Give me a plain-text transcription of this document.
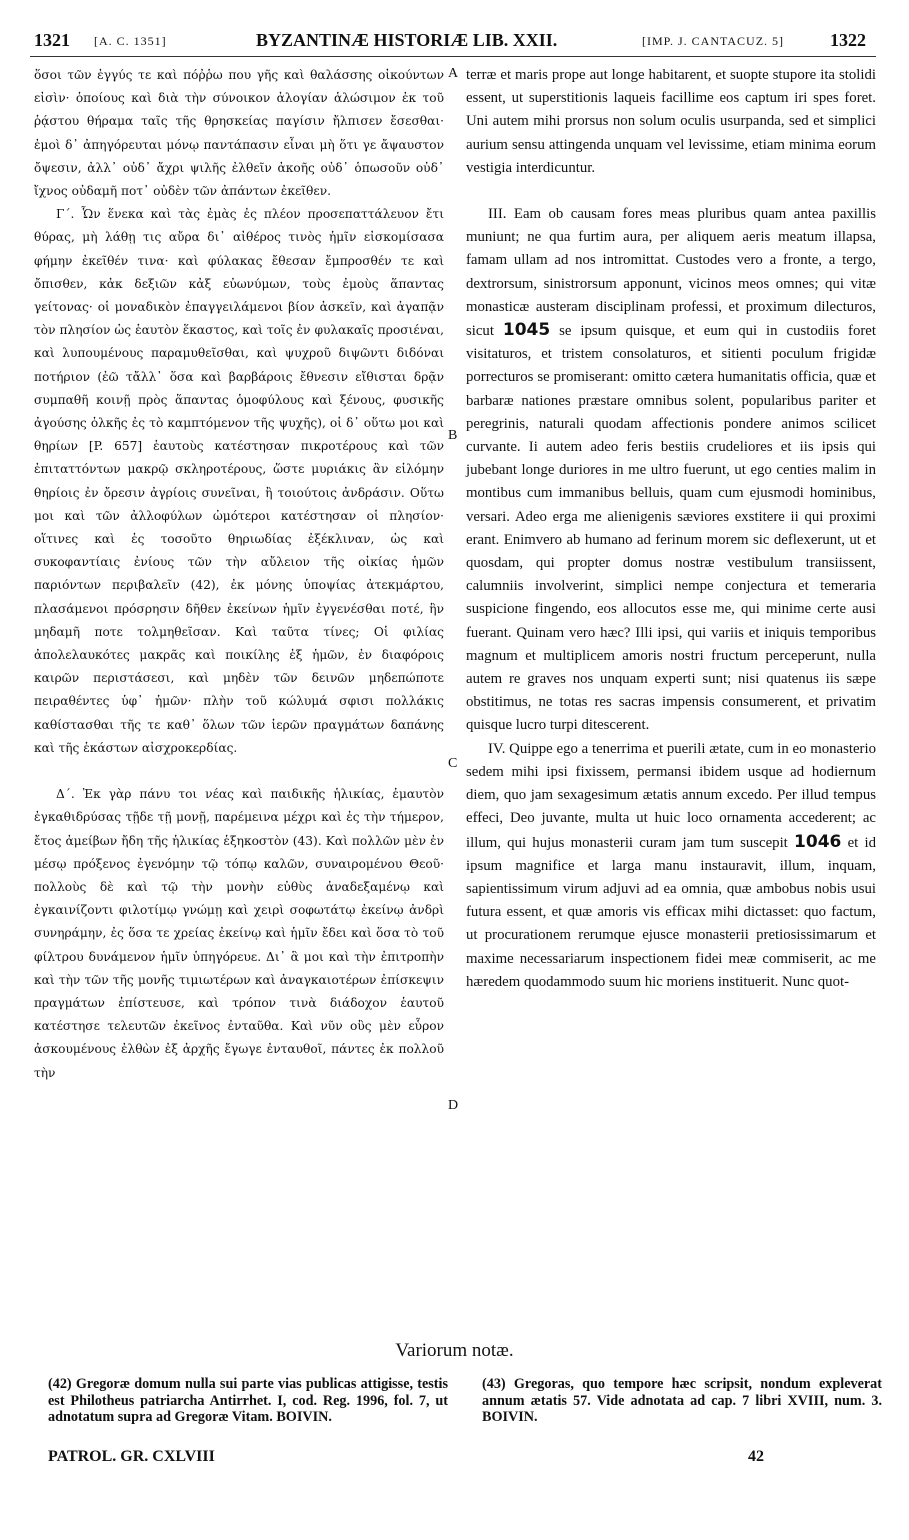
1321 [A. C. 1351]	BYZANTINÆ HISTORIÆ LIB. XXII.	[IMP. J. CANTACUZ. 5]	1322

ὅσοι τῶν ἐγγύς τε καὶ πόῤῥω που γῆς καὶ θαλάσσης οἰκούντων εἰσὶν· ὁποίους καὶ διὰ τὴν σύνοικον ἀλογίαν ἁλώσιμον ἐκ τοῦ ῥᾴστου θήραμα ταῖς τῆς θρησκείας παγίσιν ἤλπισεν ἔσεσθαι· ἐμοὶ δ᾽ ἀπηγόρευται μόνῳ παντάπασιν εἶναι μὴ ὅτι γε ἄψαυστον ὄψεσιν, ἀλλ᾽ οὐδ᾽ ἄχρι ψιλῆς ἐλθεῖν ἀκοῆς οὐδ᾽ ὁπωσοῦν οὐδ᾽ ἴχνος οὐδαμῆ ποτ᾽ οὐδὲν τῶν ἀπάντων ἐκεῖθεν.

Γ΄. Ὧν ἕνεκα καὶ τὰς ἐμὰς ἐς πλέον προσεπαττάλευον ἔτι θύρας, μὴ λάθῃ τις αὔρα δι᾽ αἰθέρος τινὸς ἡμῖν εἰσκομίσασα φήμην ἐκεῖθέν τινα· καὶ φύλακας ἔθεσαν ἔμπροσθέν τε καὶ ὄπισθεν, κἀκ δεξιῶν κἀξ εὐωνύμων, τοὺς ἐμοὺς ἅπαντας γείτονας· οἱ μοναδικὸν ἐπαγγειλάμενοι βίον ἀσκεῖν, καὶ ἀγαπᾷν τὸν πλησίον ὡς ἑαυτὸν ἕκαστος, καὶ τοῖς ἐν φυλακαῖς προσιέναι, καὶ λυπουμένους παραμυθεῖσθαι, καὶ ψυχροῦ διψῶντι διδόναι ποτήριον (ἐῶ τἄλλ᾽ ὅσα καὶ βαρβάροις ἔθνεσιν εἴθισται δρᾷν συμπαθῆ κοινῇ πρὸς ἅπαντας ὁμοφύλους καὶ ξένους, φυσικῆς ἀγούσης ὁλκῆς ἐς τὸ καμπτόμενον τῆς ψυχῆς), οἱ δ᾽ οὕτω μοι καὶ θηρίων [P. 657] ἑαυτοὺς κατέστησαν πικροτέρους καὶ τῶν ἐπιταττόντων μακρῷ σκληροτέρους, ὥστε μυριάκις ἂν εἱλόμην θηρίοις ἐν ὄρεσιν ἀγρίοις συνεῖναι, ἢ τοιούτοις ἀνδράσιν. Οὕτω μοι καὶ τῶν ἀλλοφύλων ὠμότεροι κατέστησαν οἱ πλησίον· οἵτινες καὶ ἐς τοσοῦτο θηριωδίας ἐξέκλιναν, ὡς καὶ συκοφαντίαις ἐνίους τῶν τὴν αὔλειον τῆς οἰκίας ἡμῶν παριόντων περιβαλεῖν (42), ἐκ μόνης ὑποψίας ἀτεκμάρτου, πλασάμενοι πρόσρησιν δῆθεν ἐκείνων ἡμῖν ἐγγενέσθαι ποτέ, ἣν μηδαμῆ ποτε τολμηθεῖσαν. Καὶ ταῦτα τίνες; Οἱ φιλίας ἀπολελαυκότες μακρᾶς καὶ ποικίλης ἐξ ἡμῶν, ἐν διαφόροις καιρῶν περιστάσεσι, καὶ μηδὲν τῶν δεινῶν μηδεπώποτε πειραθέντες ὑφ᾽ ἡμῶν· πλὴν τοῦ κώλυμά σφισι πολλάκις καθίστασθαι τῆς τε καθ᾽ ὅλων τῶν ἱερῶν πραγμάτων δαπάνης καὶ τῆς ἑκάστων αἰσχροκερδίας.

Δ΄. Ἐκ γὰρ πάνυ τοι νέας καὶ παιδικῆς ἡλικίας, ἐμαυτὸν ἐγκαθιδρύσας τῇδε τῇ μονῇ, παρέμεινα μέχρι καὶ ἐς τὴν τήμερον, ἔτος ἀμείβων ἤδη τῆς ἡλικίας ἑξηκοστὸν (43). Καὶ πολλῶν μὲν ἐν μέσῳ πρόξενος ἐγενόμην τῷ τόπῳ καλῶν, συναιρομένου Θεοῦ· πολλοὺς δὲ καὶ τῷ τὴν μονὴν εὐθὺς ἀναδεξαμένῳ καὶ ἐγκαινίζοντι φιλοτίμῳ γνώμῃ καὶ χειρὶ σοφωτάτῳ ἐκείνῳ ἀνδρὶ συνηράμην, ἐς ὅσα τε χρείας ἐκείνῳ καὶ ἡμῖν ἔδει καὶ ὅσα τὸ τοῦ φίλτρου δυνάμενον ἡμῖν ὑπηγόρευε. Δι᾽ ἃ μοι καὶ τὴν ἐπιτροπὴν καὶ τὴν τῶν τῆς μονῆς τιμιωτέρων καὶ ἀναγκαιοτέρων ἐπίσκεψιν πραγμάτων ἐπίστευσε, καὶ τρόπον τινὰ διάδοχον ἑαυτοῦ κατέστησε τελευτῶν ἐκεῖνος ἐνταῦθα. Καὶ νῦν οὓς μὲν εὗρον ἀσκουμένους ἐλθὼν ἐξ ἀρχῆς ἔγωγε ἐνταυθοῖ, πάντες ἐκ πολλοῦ τὴν

A
B
C
D

terræ et maris prope aut longe habitarent, et suopte stupore ita stolidi essent, ut superstitionis laqueis facillime eos captum iri spes foret. Uni autem mihi prorsus non solum oculis usurpanda, sed et simplici aurium sensu attingenda unquam vel levissime, etiam minima eorum vestigia interdicuntur.

III. Eam ob causam fores meas pluribus quam antea paxillis muniunt; ne qua furtim aura, per aliquem aeris meatum illapsa, famam ullam ad nos intromittat. Custodes vero a fronte, a tergo, dextrorsum, sinistrorsum apponunt, vicinos meos omnes; qui vitæ monasticæ austeram disciplinam professi, et proximum dilecturos, sicut 1045 se ipsum quisque, et eum qui in custodiis foret visitaturos, et tristem consolaturos, et sitienti poculum frigidæ porrecturos se promiserant: omitto cætera humanitatis officia, quæ et barbaræ nationes præstare omnibus solent, popularibus pariter et peregrinis, naturali quodam affectionis pondere animos scilicet curvante. Ii autem adeo feris bestiis crudeliores et iis ipsis qui jubebant longe duriores in me ultro fuerunt, ut ego centies malim in montibus cum immanibus belluis, quam cum ejusmodi hominibus, versari. Adeo erga me alienigenis sæviores exstitere ii qui proximi erant. Enimvero ab humano ad ferinum morem sic deflexerunt, ut et quosdam, qui propter domus nostræ vestibulum transiissent, calumniis involverint, simplici nempe conjectura et temeraria suspicione fingendo, eos allocutos esse me, qui minime certe ausi fuerant. Quinam vero hæc? Illi ipsi, qui variis et iniquis temporibus magnum et multiplicem amoris nostri fructum perceperunt, nulla autem re graves nos unquam experti sunt; nisi quatenus iis sæpe obstitimus, ne totas res sacras impensis consumerent, et privatim quisque lucro turpi ditescerent.

IV. Quippe ego a tenerrima et puerili ætate, cum in eo monasterio sedem mihi ipsi fixissem, permansi ibidem usque ad hodiernum diem, quo jam sexagesimum ætatis annum excedo. Per illud tempus effeci, Deo juvante, multa ut huic loco ornamenta accederent; ac illum, qui hujus monasterii curam jam tum suscepit 1046 et id ipsum magnifice et larga manu instauravit, illum, inquam, sapientissimum virum adjuvi ad ea omnia, quæ ambobus nobis usui futura essent, et quæ amoris vis efficax mihi dictasset: quo factum, ut procurationem rerumque ejusce monasterii pretiosissimarum et maxime necessariarum inspectionem fidei meæ commiserit, ac me hæredem quodammodo suum hic moriens instituerit. Nunc quot-

Variorum notæ.
(42) Gregoræ domum nulla sui parte vias publicas attigisse, testis est Philotheus patriarcha Antirrhet. I, cod. Reg. 1996, fol. 7, ut adnotatum supra ad Gregoræ Vitam. BOIVIN.
(43) Gregoras, quo tempore hæc scripsit, nondum expleverat annum ætatis 57. Vide adnotata ad cap. 7 libri XVIII, num. 3. BOIVIN.
PATROL. GR. CXLVIII	42
